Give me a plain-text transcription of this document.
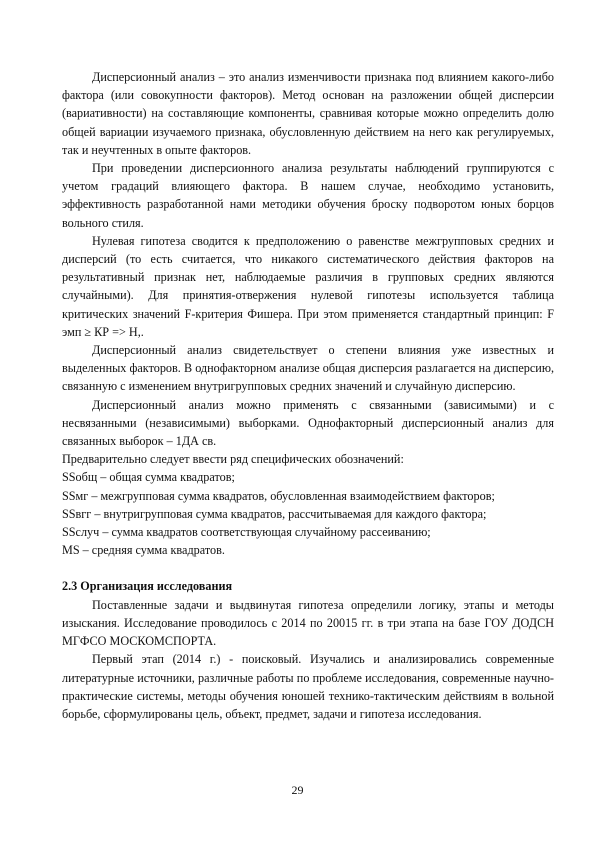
Дисперсионный анализ – это анализ изменчивости признака под влиянием какого-либо фактора (или совокупности факторов). Метод основан на разложении общей дисперсии (вариативности) на составляющие компоненты, сравнивая которые можно определить долю общей вариации изучаемого признака, обусловленную действием на него как регулируемых, так и неучтенных в опыте факторов.

При проведении дисперсионного анализа результаты наблюдений группируются с учетом градаций влияющего фактора. В нашем случае, необходимо установить, эффективность разработанной нами методики обучения броску подворотом юных борцов вольного стиля.

Нулевая гипотеза сводится к предположению о равенстве межгрупповых средних и дисперсий (то есть считается, что никакого систематического действия факторов на результативный признак нет, наблюдаемые различия в групповых средних являются случайными). Для принятия-отвержения нулевой гипотезы используется таблица критических значений F-критерия Фишера. При этом применяется стандартный принцип: F эмп ≥ КР => Н,.

Дисперсионный анализ свидетельствует о степени влияния уже известных и выделенных факторов. В однофакторном анализе общая дисперсия разлагается на дисперсию, связанную с изменением внутригрупповых средних значений и случайную дисперсию.

Дисперсионный анализ можно применять с связанными (зависимыми) и с несвязанными (независимыми) выборками. Однофакторный дисперсионный анализ для связанных выборок – 1ДА св.

Предварительно следует ввести ряд специфических обозначений:

SSобщ – общая сумма квадратов;

SSмг – межгрупповая сумма квадратов, обусловленная взаимодействием факторов;

SSвгг – внутригрупповая сумма квадратов, рассчитываемая для каждого фактора;

SSслуч – сумма квадратов соответствующая случайному рассеиванию;

MS – средняя сумма квадратов.

2.3 Организация исследования

Поставленные задачи и выдвинутая гипотеза определили логику, этапы и методы изыскания. Исследование проводилось с 2014 по 20015 гг. в три этапа на базе ГОУ ДОДСН МГФСО МОСКОМСПОРТА.

Первый этап (2014 г.) - поисковый. Изучались и анализировались современные литературные источники, различные работы по проблеме исследования, современные научно-практические системы, методы обучения юношей технико-тактическим действиям в вольной борьбе, сформулированы цель, объект, предмет, задачи и гипотеза исследования.

29
